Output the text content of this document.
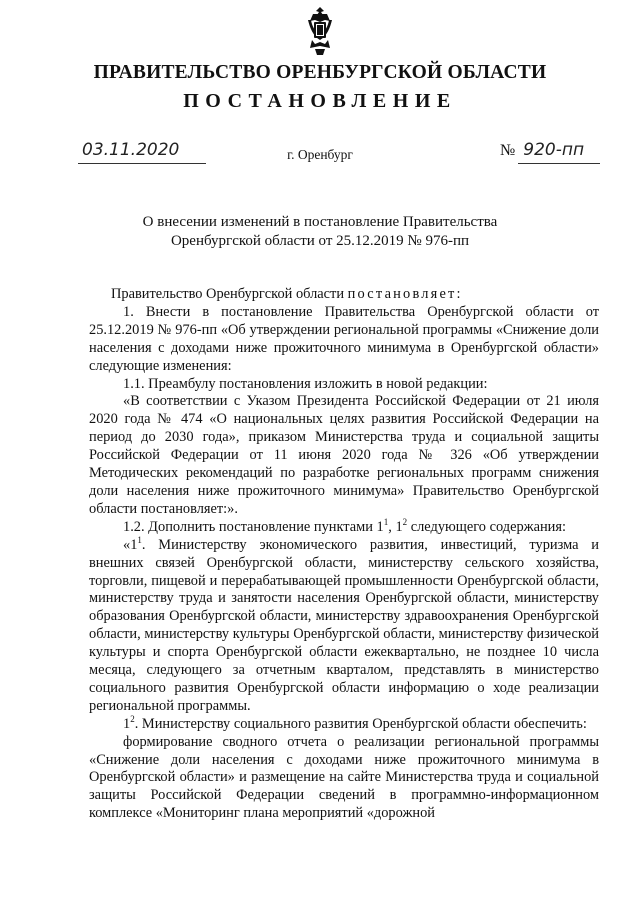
ПРАВИТЕЛЬСТВО ОРЕНБУРГСКОЙ ОБЛАСТИ
ПОСТАНОВЛЕНИЕ
03.11.2020	г. Оренбург	№ 920-пп
О внесении изменений в постановление Правительства
Оренбургской области от 25.12.2019 № 976-пп

Правительство Оренбургской области постановляет:

1. Внести в постановление Правительства Оренбургской области от 25.12.2019 № 976-пп «Об утверждении региональной программы «Снижение доли населения с доходами ниже прожиточного минимума в Оренбургской области» следующие изменения:

1.1. Преамбулу постановления изложить в новой редакции:

«В соответствии с Указом Президента Российской Федерации от 21 июля 2020 года № 474 «О национальных целях развития Российской Федерации на период до 2030 года», приказом Министерства труда и социальной защиты Российской Федерации от 11 июня 2020 года № 326 «Об утверждении Методических рекомендаций по разработке региональных программ снижения доли населения ниже прожиточного минимума» Правительство Оренбургской области постановляет:».

1.2. Дополнить постановление пунктами $1^1$, $1^2$ следующего содержания:

«$1^1$. Министерству экономического развития, инвестиций, туризма и внешних связей Оренбургской области, министерству сельского хозяйства, торговли, пищевой и перерабатывающей промышленности Оренбургской области, министерству труда и занятости населения Оренбургской области, министерству образования Оренбургской области, министерству здравоохранения Оренбургской области, министерству культуры Оренбургской области, министерству физической культуры и спорта Оренбургской области ежеквартально, не позднее 10 числа месяца, следующего за отчетным кварталом, представлять в министерство социального развития Оренбургской области информацию о ходе реализации региональной программы.

$1^2$. Министерству социального развития Оренбургской области обеспечить:

формирование сводного отчета о реализации региональной программы «Снижение доли населения с доходами ниже прожиточного минимума в Оренбургской области» и размещение на сайте Министерства труда и социальной защиты Российской Федерации сведений в программно-информационном комплексе «Мониторинг плана мероприятий «дорожной
